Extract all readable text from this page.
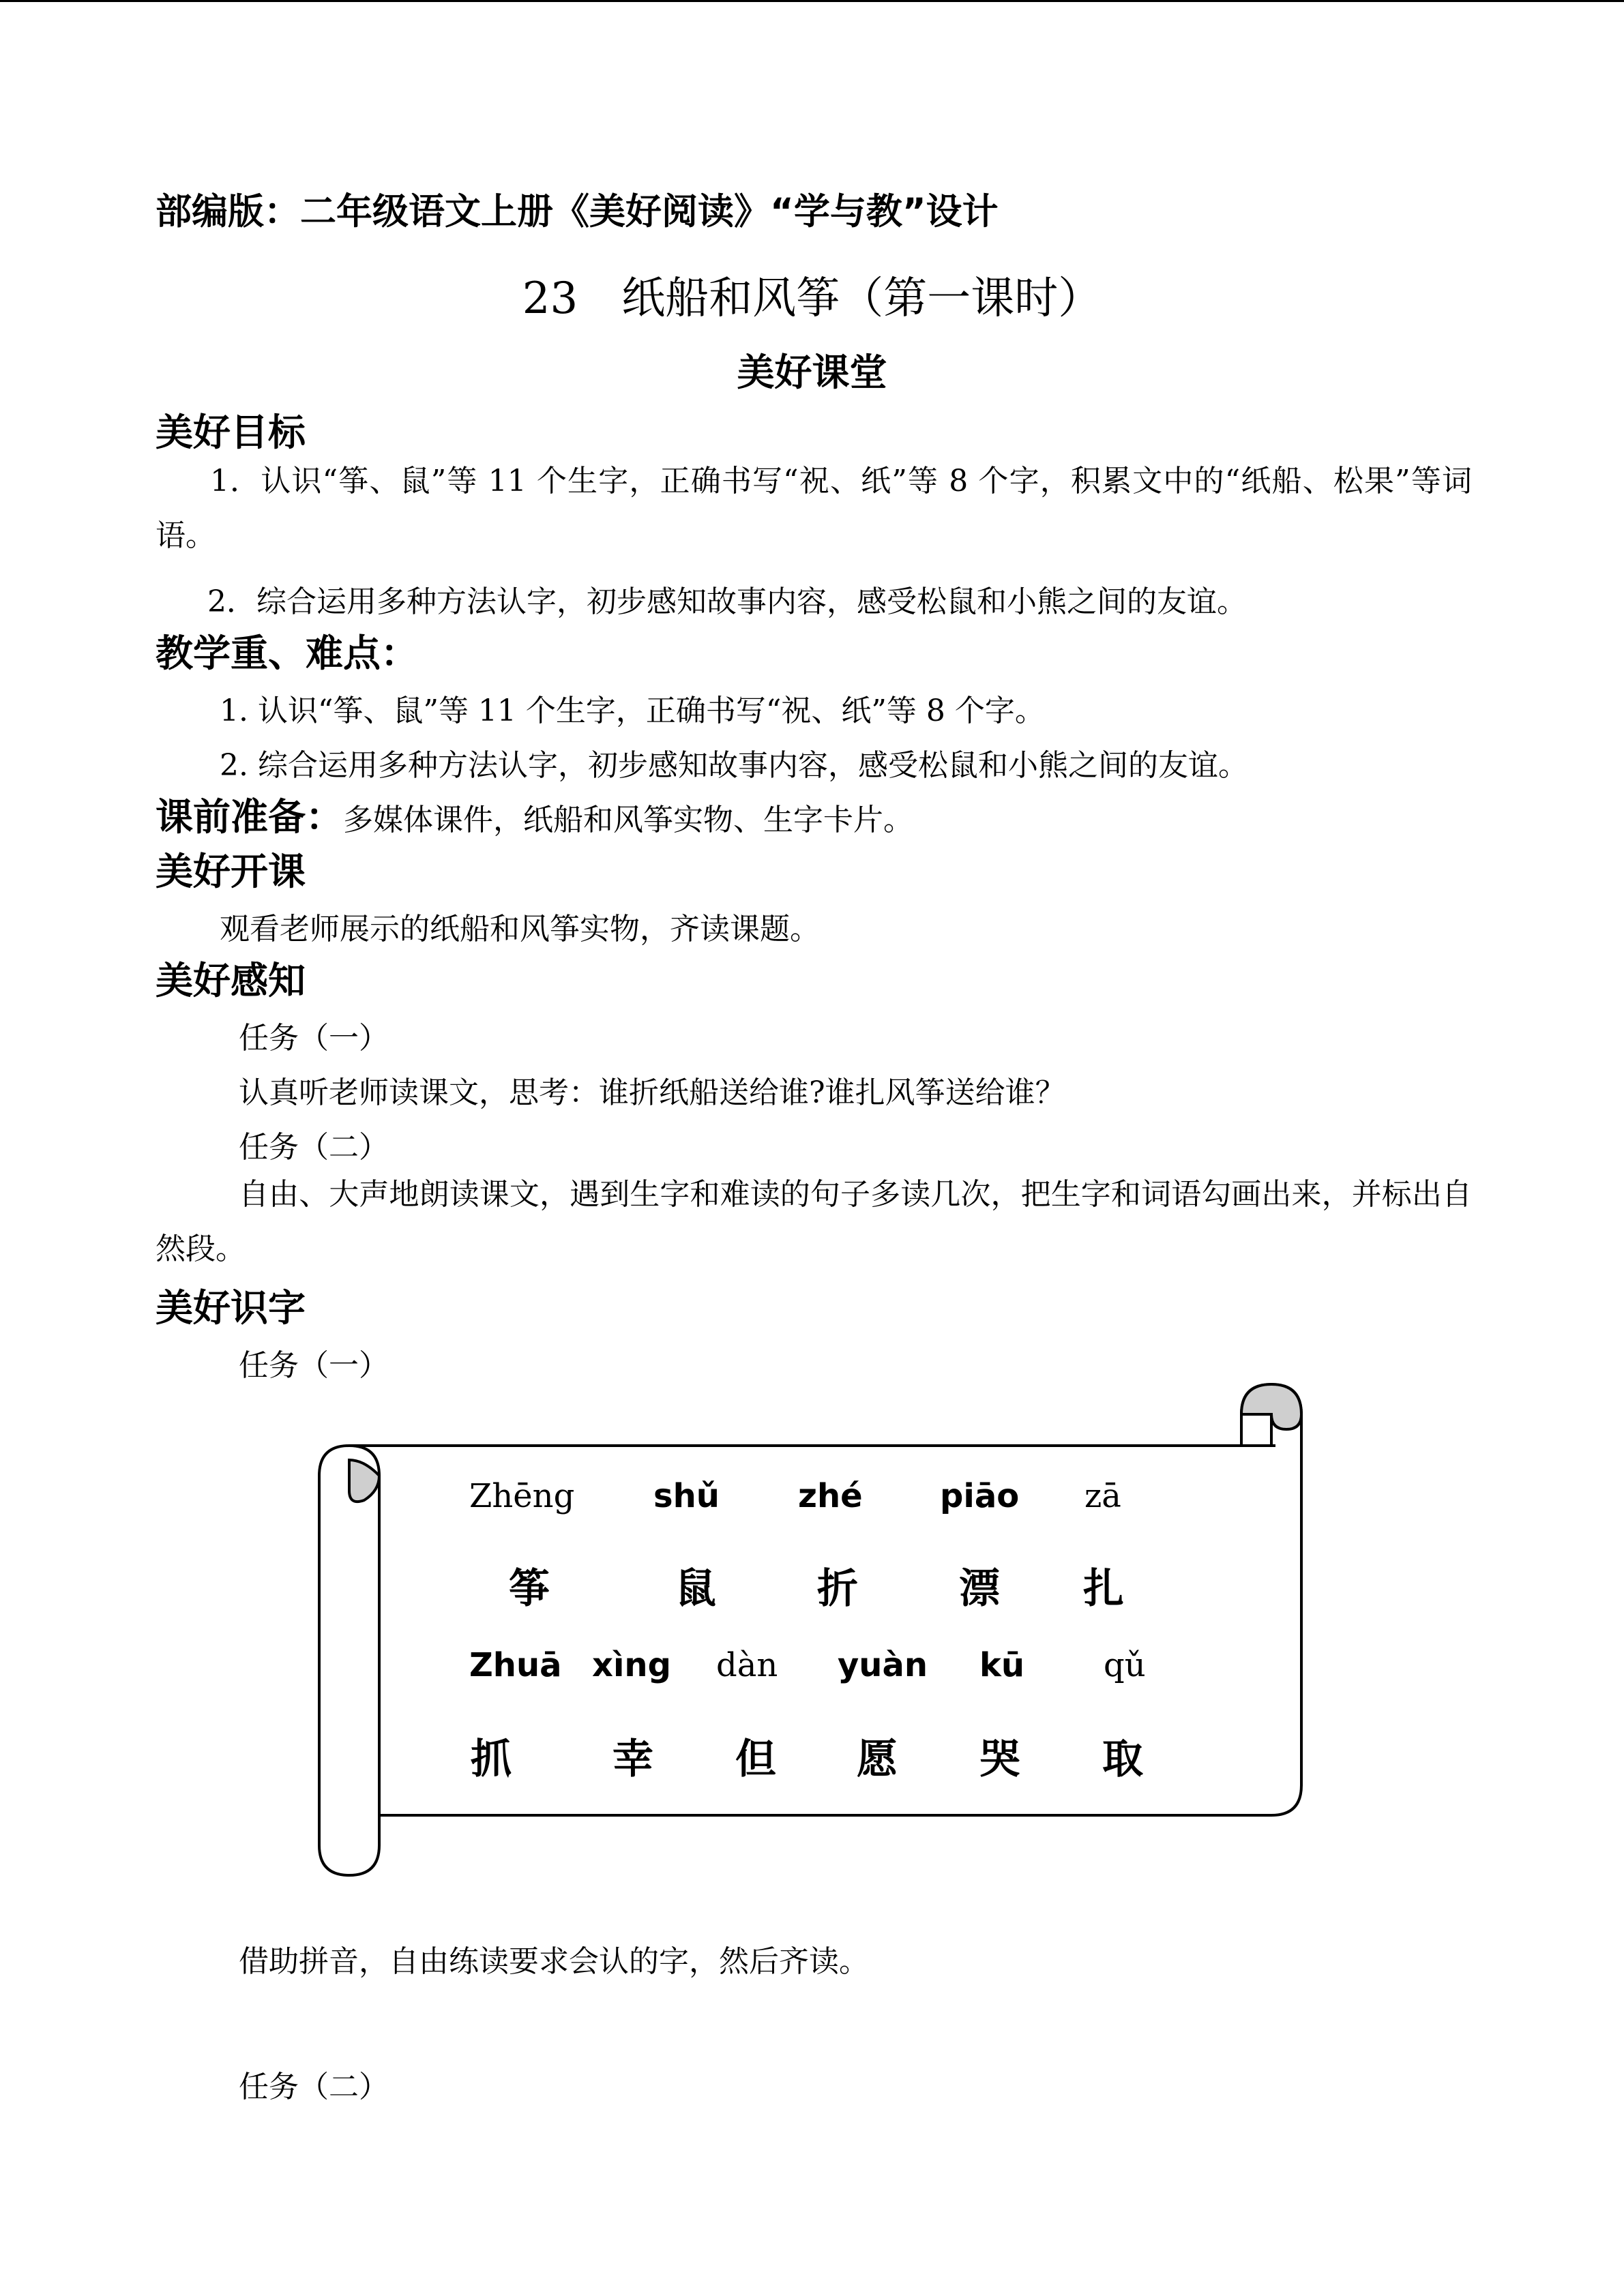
部编版：二年级语文上册《美好阅读》“学与教”设计
23　纸船和风筝（第一课时）
美好课堂
美好目标
1．认识“筝、鼠”等 11 个生字，正确书写“祝、纸”等 8 个字，积累文中的“纸船、松果”等词语。
2．综合运用多种方法认字，初步感知故事内容，感受松鼠和小熊之间的友谊。
教学重、难点：
1. 认识“筝、鼠”等 11 个生字，正确书写“祝、纸”等 8 个字。
2. 综合运用多种方法认字，初步感知故事内容，感受松鼠和小熊之间的友谊。
课前准备：多媒体课件，纸船和风筝实物、生字卡片。
美好开课
观看老师展示的纸船和风筝实物，齐读课题。
美好感知
任务（一）
认真听老师读课文，思考：谁折纸船送给谁?谁扎风筝送给谁？
任务（二）
自由、大声地朗读课文，遇到生字和难读的句子多读几次，把生字和词语勾画出来，并标出自然段。
美好识字
任务（一）
Zhēng shǔ zhé piāo zā
筝	鼠 折 漂 扎
Zhuā xìng dàn yuàn kū qǔ
抓 幸 但 愿 哭 取
借助拼音，自由练读要求会认的字，然后齐读。
任务（二）
